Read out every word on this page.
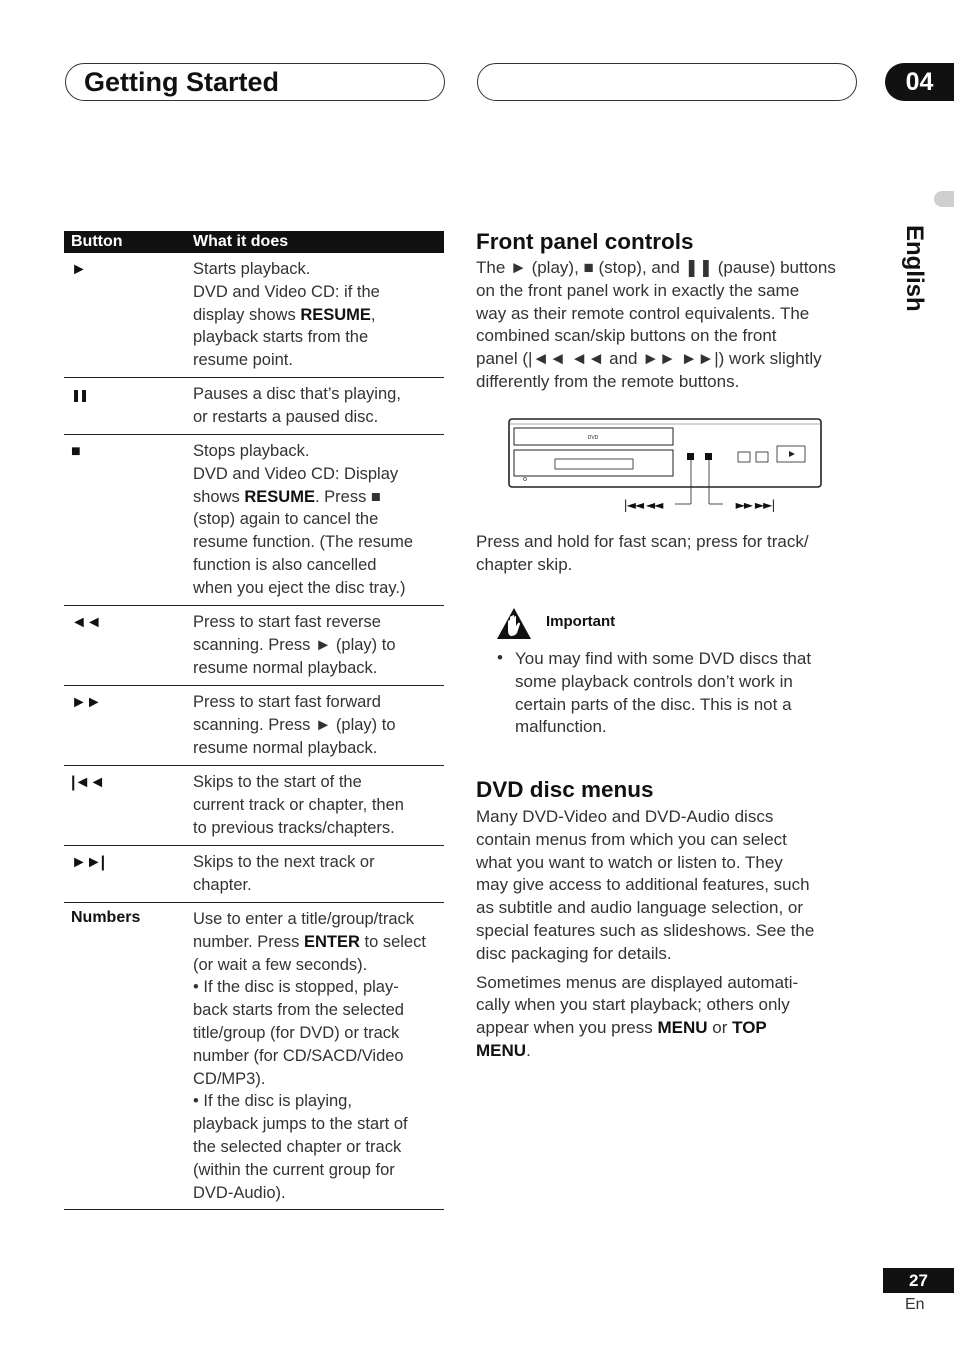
Getting Started	04
English
Button	What it does
►	Starts playback.

DVD and Video CD: if the

display shows RESUME,

playback starts from the

resume point.

❚❚	Pauses a disc that’s playing,

or restarts a paused disc.

■	Stops playback.

DVD and Video CD: Display

shows RESUME. Press ■

(stop) again to cancel the

resume function. (The resume

function is also cancelled

when you eject the disc tray.)

◄◄	Press to start fast reverse

scanning. Press ► (play) to

resume normal playback.

►►	Press to start fast forward

scanning. Press ► (play) to

resume normal playback.

|◄◄	Skips to the start of the

current track or chapter, then

to previous tracks/chapters.

►►|	Skips to the next track or

chapter.

Numbers	Use to enter a title/group/track

number. Press ENTER to select

(or wait a few seconds).

• If the disc is stopped, play-

back starts from the selected

title/group (for DVD) or track

number (for CD/SACD/Video

CD/MP3).

• If the disc is playing,

playback jumps to the start of

the selected chapter or track

(within the current group for

DVD-Audio).

Front panel controls

The ► (play), ■ (stop), and ❚❚ (pause) buttons

on the front panel work in exactly the same

way as their remote control equivalents. The

combined scan/skip buttons on the front

panel (|◄◄ ◄◄ and ►► ►►|) work slightly

differently from the remote buttons.

DVD
|◄◄ ◄◄	►► ►►|

Press and hold for fast scan; press for track/

chapter skip.

Important
• You may find with some DVD discs that
some playback controls don’t work in
certain parts of the disc. This is not a
malfunction.
DVD disc menus

Many DVD-Video and DVD-Audio discs

contain menus from which you can select

what you want to watch or listen to. They

may give access to additional features, such

as subtitle and audio language selection, or

special features such as slideshows. See the

disc packaging for details.

Sometimes menus are displayed automati-

cally when you start playback; others only

appear when you press MENU or TOP

MENU.

27
En
